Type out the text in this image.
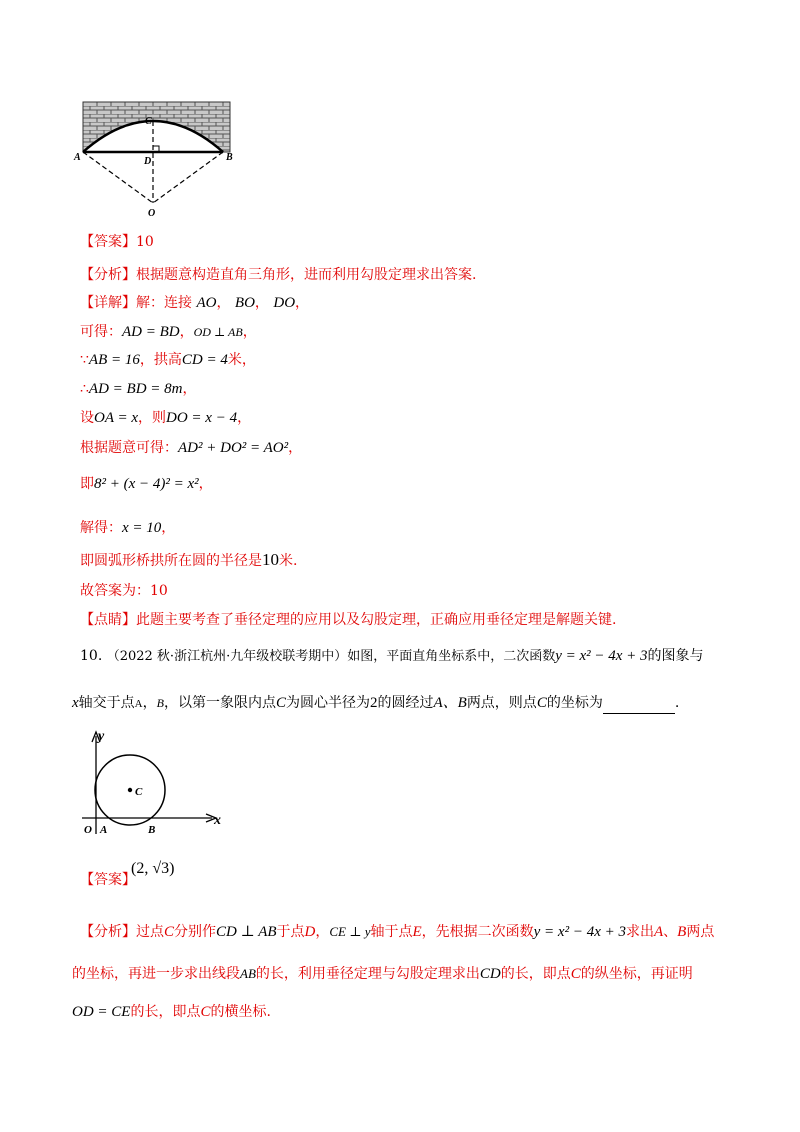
A	B
C
D
O
【答案】10
【分析】根据题意构造直角三角形，进而利用勾股定理求出答案.
【详解】解：连接 AO， BO， DO，
可得：AD = BD，OD ⊥ AB，
∵AB = 16，拱高CD = 4米，
∴AD = BD = 8m，
设OA = x，则DO = x − 4，
根据题意可得：AD² + DO² = AO²，
即8² + (x − 4)² = x²，
解得：x = 10，
即圆弧形桥拱所在圆的半径是10米.
故答案为：10
【点睛】此题主要考查了垂径定理的应用以及勾股定理，正确应用垂径定理是解题关键.
10. （2022 秋·浙江杭州·九年级校联考期中）如图，平面直角坐标系中，二次函数y = x² − 4x + 3的图象与
x轴交于点A，B，以第一象限内点C为圆心半径为2的圆经过A、B两点，则点C的坐标为	.
y
x
O A	B
C
【答案】
(2, √3)
【分析】过点C分别作CD ⊥ AB于点D，CE ⊥ y轴于点E，先根据二次函数y = x² − 4x + 3求出A、B两点
的坐标，再进一步求出线段AB的长，利用垂径定理与勾股定理求出CD的长，即点C的纵坐标，再证明
OD = CE的长，即点C的横坐标.
